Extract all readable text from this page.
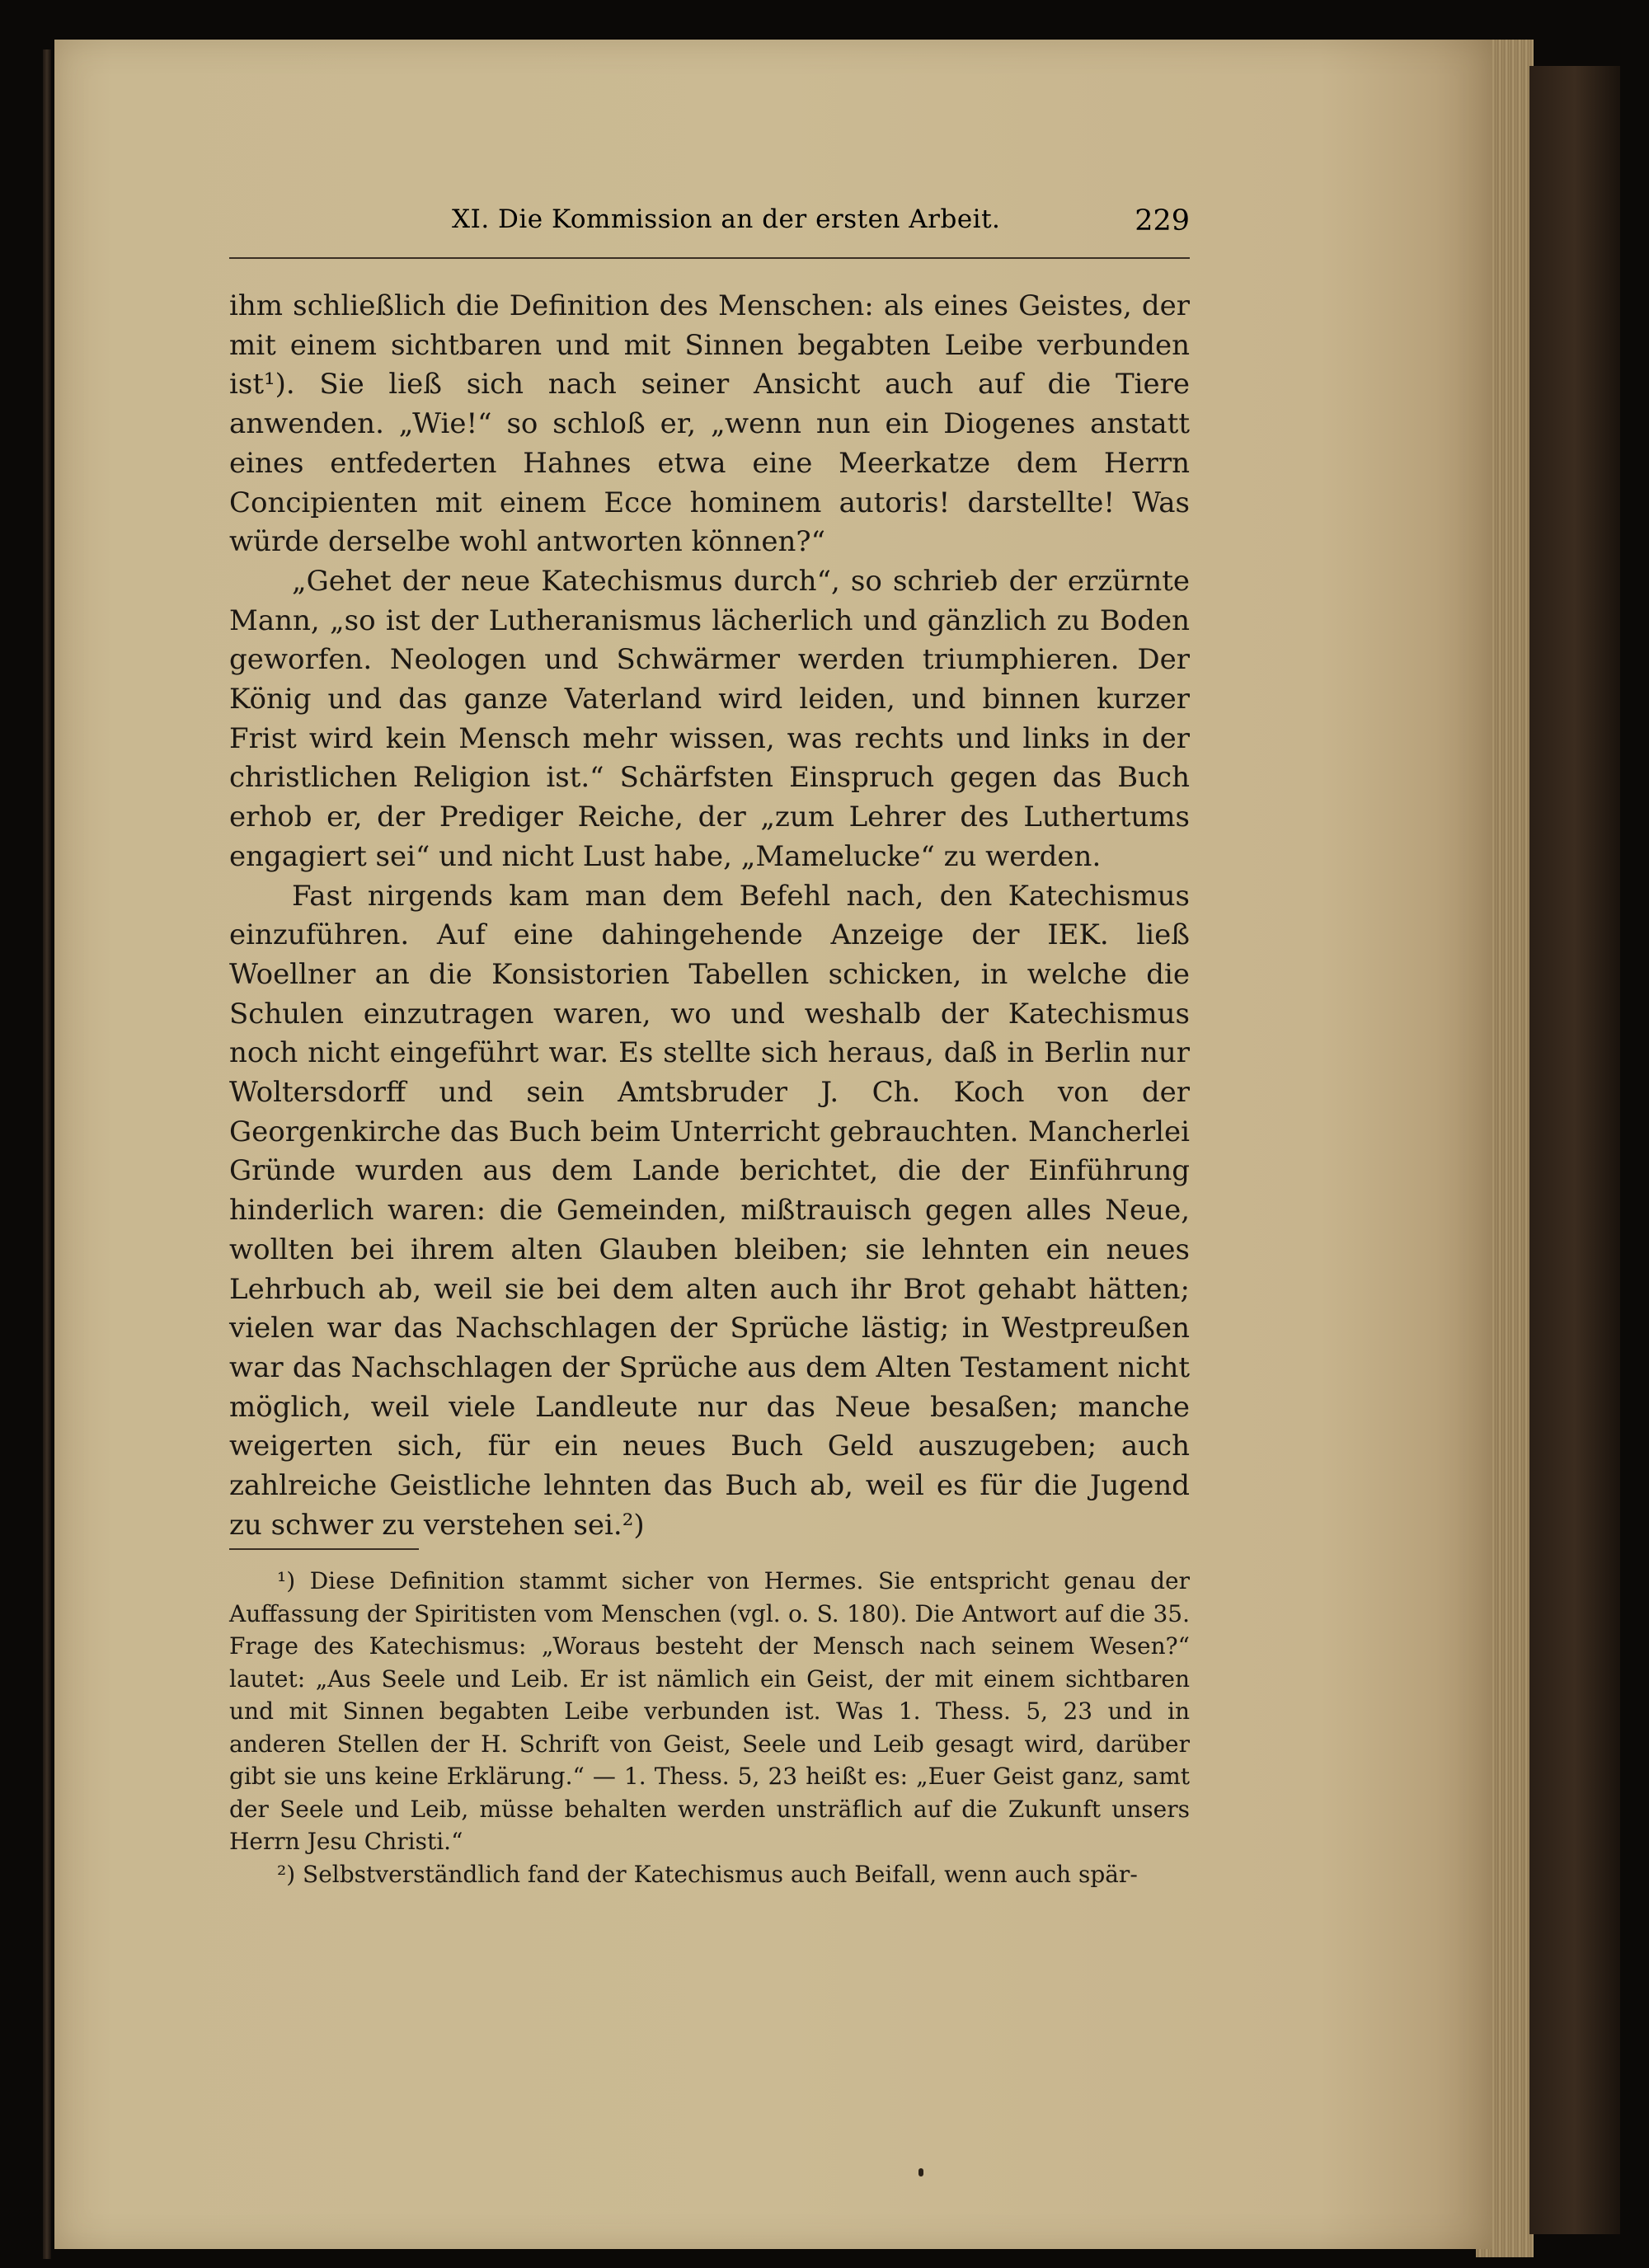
XI. Die Kommission an der ersten Arbeit.	229

ihm schließlich die Definition des Menschen: als eines Geistes, der mit einem sichtbaren und mit Sinnen begabten Leibe verbunden ist¹). Sie ließ sich nach seiner Ansicht auch auf die Tiere anwenden. „Wie!“ so schloß er, „wenn nun ein Diogenes anstatt eines entfederten Hahnes etwa eine Meerkatze dem Herrn Concipienten mit einem Ecce hominem autoris! darstellte! Was würde derselbe wohl antworten können?“

„Gehet der neue Katechismus durch“, so schrieb der erzürnte Mann, „so ist der Lutheranismus lächerlich und gänzlich zu Boden geworfen. Neologen und Schwärmer werden triumphieren. Der König und das ganze Vaterland wird leiden, und binnen kurzer Frist wird kein Mensch mehr wissen, was rechts und links in der christlichen Religion ist.“ Schärfsten Einspruch gegen das Buch erhob er, der Prediger Reiche, der „zum Lehrer des Luthertums engagiert sei“ und nicht Lust habe, „Mamelucke“ zu werden.

Fast nirgends kam man dem Befehl nach, den Katechismus einzuführen. Auf eine dahingehende Anzeige der IEK. ließ Woellner an die Konsistorien Tabellen schicken, in welche die Schulen einzutragen waren, wo und weshalb der Katechismus noch nicht eingeführt war. Es stellte sich heraus, daß in Berlin nur Woltersdorff und sein Amtsbruder J. Ch. Koch von der Georgenkirche das Buch beim Unterricht gebrauchten. Mancherlei Gründe wurden aus dem Lande berichtet, die der Einführung hinderlich waren: die Gemeinden, mißtrauisch gegen alles Neue, wollten bei ihrem alten Glauben bleiben; sie lehnten ein neues Lehrbuch ab, weil sie bei dem alten auch ihr Brot gehabt hätten; vielen war das Nachschlagen der Sprüche lästig; in Westpreußen war das Nachschlagen der Sprüche aus dem Alten Testament nicht möglich, weil viele Landleute nur das Neue besaßen; manche weigerten sich, für ein neues Buch Geld auszugeben; auch zahlreiche Geistliche lehnten das Buch ab, weil es für die Jugend zu schwer zu verstehen sei.²)

¹) Diese Definition stammt sicher von Hermes. Sie entspricht genau der Auffassung der Spiritisten vom Menschen (vgl. o. S. 180). Die Antwort auf die 35. Frage des Katechismus: „Woraus besteht der Mensch nach seinem Wesen?“ lautet: „Aus Seele und Leib. Er ist nämlich ein Geist, der mit einem sichtbaren und mit Sinnen begabten Leibe verbunden ist. Was 1. Thess. 5, 23 und in anderen Stellen der H. Schrift von Geist, Seele und Leib gesagt wird, darüber gibt sie uns keine Erklärung.“ — 1. Thess. 5, 23 heißt es: „Euer Geist ganz, samt der Seele und Leib, müsse behalten werden unsträflich auf die Zukunft unsers Herrn Jesu Christi.“

²) Selbstverständlich fand der Katechismus auch Beifall, wenn auch spär-
